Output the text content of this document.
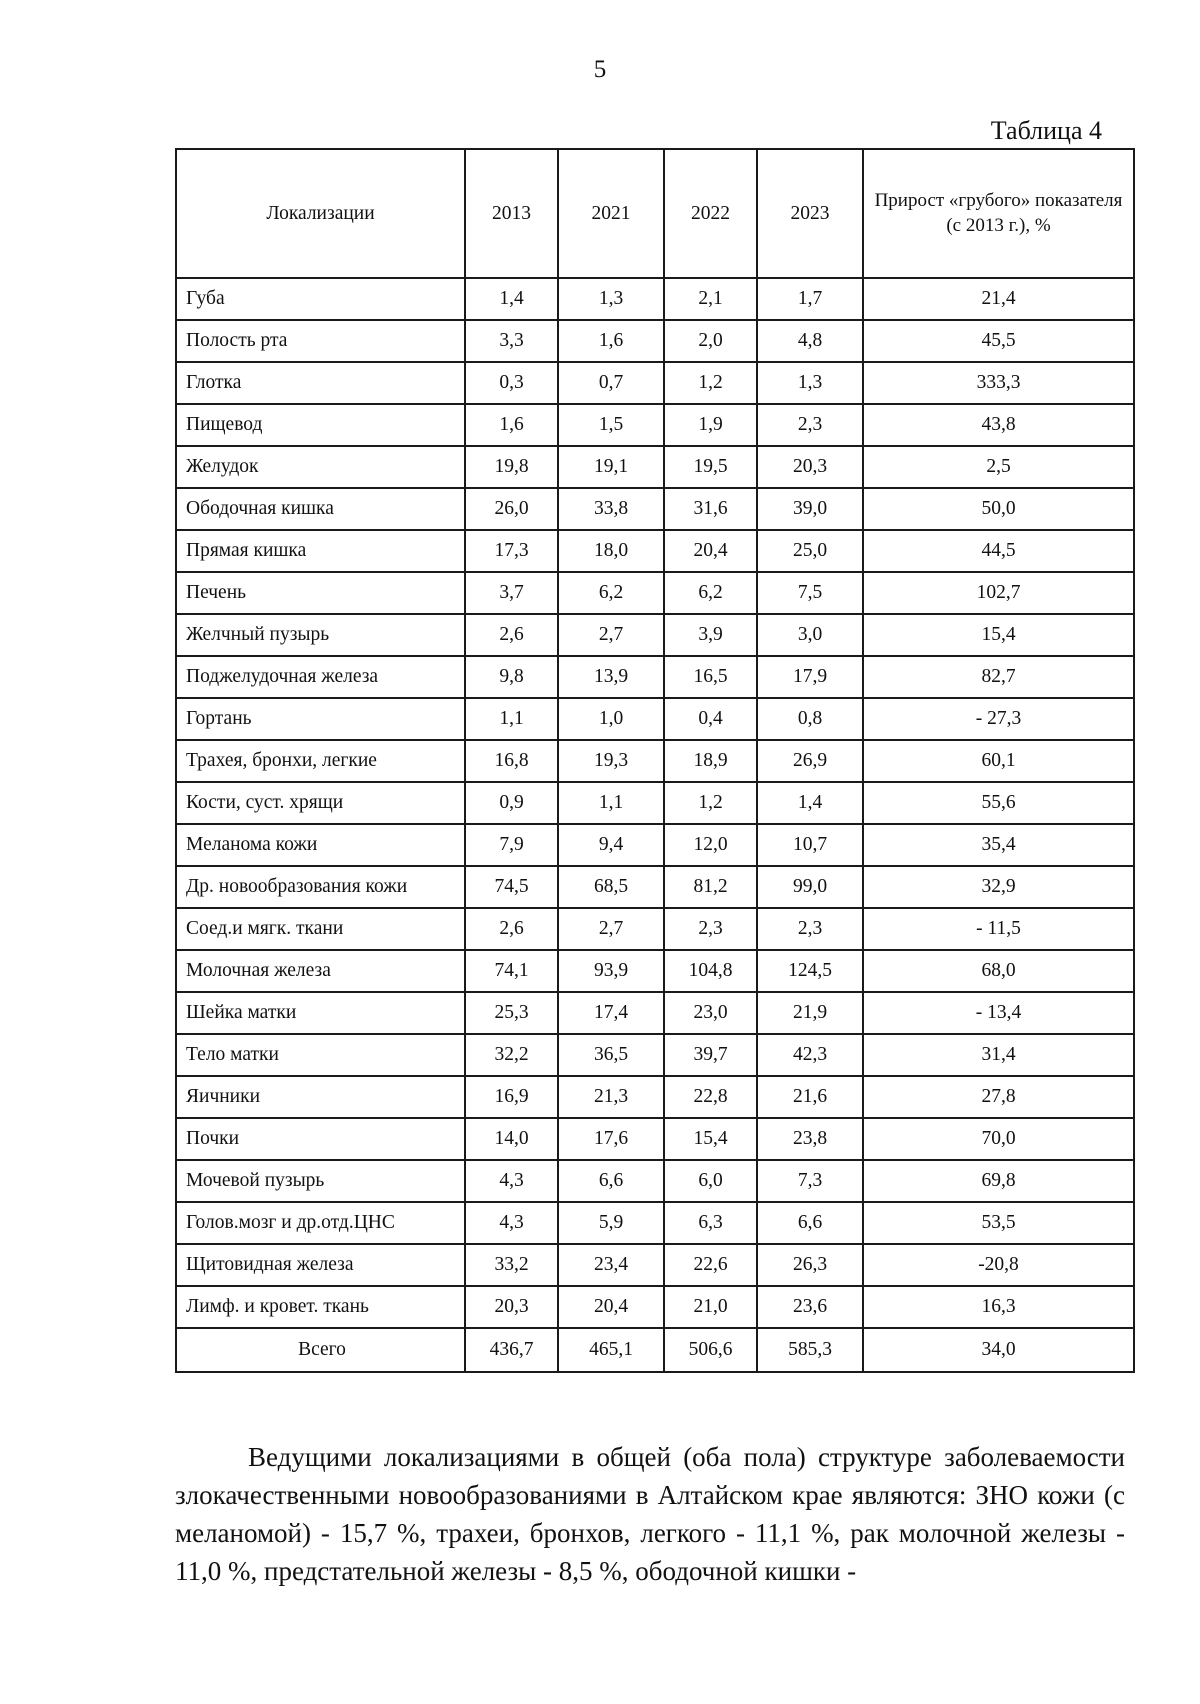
5
Таблица 4
Локализации	2013	2021	2022	2023	Прирост «грубого» показателя (с 2013 г.), %
Губа	1,4	1,3	2,1	1,7	21,4
Полость рта	3,3	1,6	2,0	4,8	45,5
Глотка	0,3	0,7	1,2	1,3	333,3
Пищевод	1,6	1,5	1,9	2,3	43,8
Желудок	19,8	19,1	19,5	20,3	2,5
Ободочная кишка	26,0	33,8	31,6	39,0	50,0
Прямая кишка	17,3	18,0	20,4	25,0	44,5
Печень	3,7	6,2	6,2	7,5	102,7
Желчный пузырь	2,6	2,7	3,9	3,0	15,4
Поджелудочная железа	9,8	13,9	16,5	17,9	82,7
Гортань	1,1	1,0	0,4	0,8	- 27,3
Трахея, бронхи, легкие	16,8	19,3	18,9	26,9	60,1
Кости, суст. хрящи	0,9	1,1	1,2	1,4	55,6
Меланома кожи	7,9	9,4	12,0	10,7	35,4
Др. новообразования кожи	74,5	68,5	81,2	99,0	32,9
Соед.и мягк. ткани	2,6	2,7	2,3	2,3	- 11,5
Молочная железа	74,1	93,9	104,8	124,5	68,0
Шейка матки	25,3	17,4	23,0	21,9	- 13,4
Тело матки	32,2	36,5	39,7	42,3	31,4
Яичники	16,9	21,3	22,8	21,6	27,8
Почки	14,0	17,6	15,4	23,8	70,0
Мочевой пузырь	4,3	6,6	6,0	7,3	69,8
Голов.мозг и др.отд.ЦНС	4,3	5,9	6,3	6,6	53,5
Щитовидная железа	33,2	23,4	22,6	26,3	-20,8
Лимф. и кровет. ткань	20,3	20,4	21,0	23,6	16,3
Всего	436,7	465,1	506,6	585,3	34,0

Ведущими локализациями в общей (оба пола) структуре заболеваемости злокачественными новообразованиями в Алтайском крае являются: ЗНО кожи (с меланомой) - 15,7 %, трахеи, бронхов, легкого - 11,1 %, рак молочной железы - 11,0 %, предстательной железы - 8,5 %, ободочной кишки -
